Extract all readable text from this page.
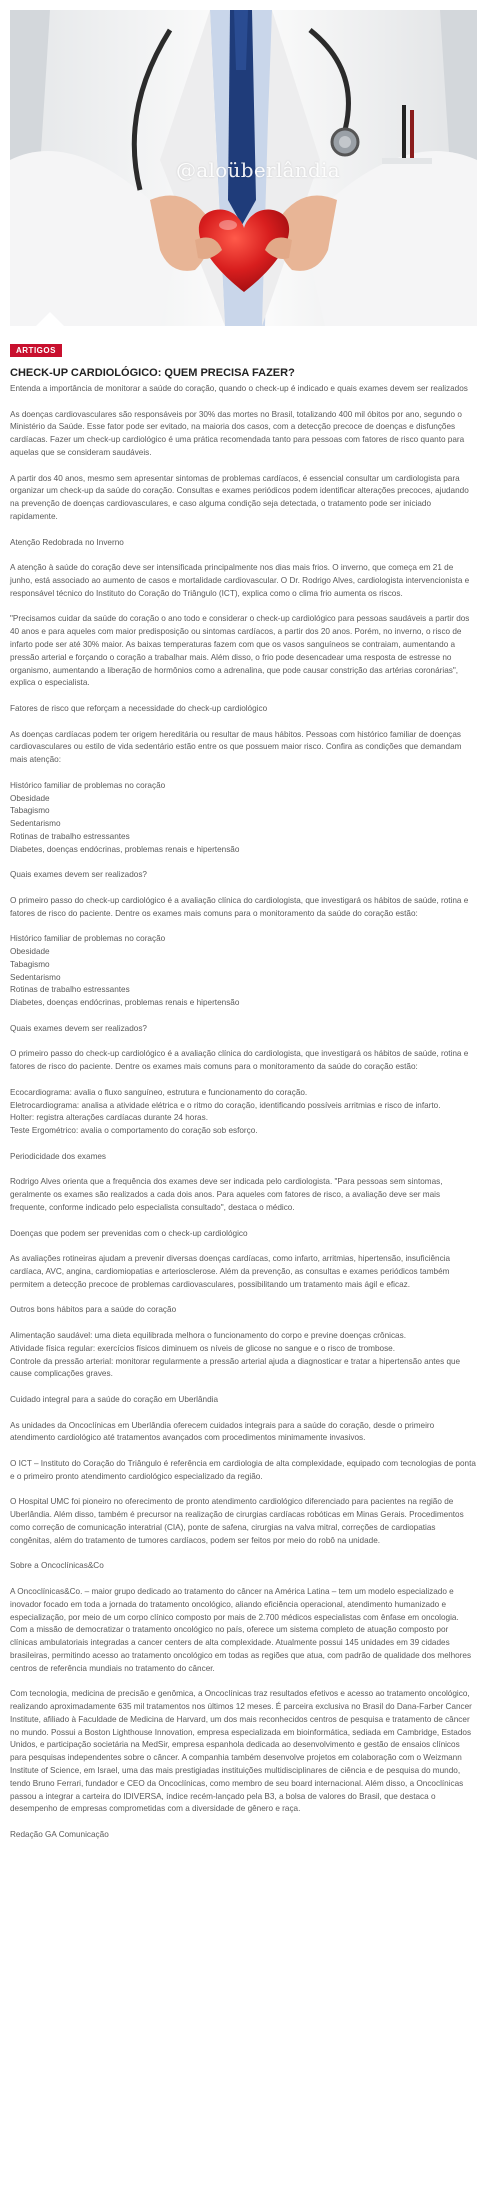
@aloüberlândia
ARTIGOS
CHECK-UP CARDIOLÓGICO: QUEM PRECISA FAZER?

Entenda a importância de monitorar a saúde do coração, quando o check-up é indicado e quais exames devem ser realizados

As doenças cardiovasculares são responsáveis por 30% das mortes no Brasil, totalizando 400 mil óbitos por ano, segundo o Ministério da Saúde. Esse fator pode ser evitado, na maioria dos casos, com a detecção precoce de doenças e disfunções cardíacas. Fazer um check-up cardiológico é uma prática recomendada tanto para pessoas com fatores de risco quanto para aquelas que se consideram saudáveis.

A partir dos 40 anos, mesmo sem apresentar sintomas de problemas cardíacos, é essencial consultar um cardiologista para organizar um check-up da saúde do coração. Consultas e exames periódicos podem identificar alterações precoces, ajudando na prevenção de doenças cardiovasculares, e caso alguma condição seja detectada, o tratamento pode ser iniciado rapidamente.

Atenção Redobrada no Inverno

A atenção à saúde do coração deve ser intensificada principalmente nos dias mais frios. O inverno, que começa em 21 de junho, está associado ao aumento de casos e mortalidade cardiovascular. O Dr. Rodrigo Alves, cardiologista intervencionista e responsável técnico do Instituto do Coração do Triângulo (ICT), explica como o clima frio aumenta os riscos.

"Precisamos cuidar da saúde do coração o ano todo e considerar o check-up cardiológico para pessoas saudáveis a partir dos 40 anos e para aqueles com maior predisposição ou sintomas cardíacos, a partir dos 20 anos. Porém, no inverno, o risco de infarto pode ser até 30% maior. As baixas temperaturas fazem com que os vasos sanguíneos se contraiam, aumentando a pressão arterial e forçando o coração a trabalhar mais. Além disso, o frio pode desencadear uma resposta de estresse no organismo, aumentando a liberação de hormônios como a adrenalina, que pode causar constrição das artérias coronárias", explica o especialista.

Fatores de risco que reforçam a necessidade do check-up cardiológico

As doenças cardíacas podem ter origem hereditária ou resultar de maus hábitos. Pessoas com histórico familiar de doenças cardiovasculares ou estilo de vida sedentário estão entre os que possuem maior risco. Confira as condições que demandam mais atenção:

Histórico familiar de problemas no coração

Obesidade

Tabagismo

Sedentarismo

Rotinas de trabalho estressantes

Diabetes, doenças endócrinas, problemas renais e hipertensão

Quais exames devem ser realizados?

O primeiro passo do check-up cardiológico é a avaliação clínica do cardiologista, que investigará os hábitos de saúde, rotina e fatores de risco do paciente. Dentre os exames mais comuns para o monitoramento da saúde do coração estão:

Histórico familiar de problemas no coração

Obesidade

Tabagismo

Sedentarismo

Rotinas de trabalho estressantes

Diabetes, doenças endócrinas, problemas renais e hipertensão

Quais exames devem ser realizados?

O primeiro passo do check-up cardiológico é a avaliação clínica do cardiologista, que investigará os hábitos de saúde, rotina e fatores de risco do paciente. Dentre os exames mais comuns para o monitoramento da saúde do coração estão:

Ecocardiograma: avalia o fluxo sanguíneo, estrutura e funcionamento do coração.

Eletrocardiograma: analisa a atividade elétrica e o ritmo do coração, identificando possíveis arritmias e risco de infarto.

Holter: registra alterações cardíacas durante 24 horas.

Teste Ergométrico: avalia o comportamento do coração sob esforço.

Periodicidade dos exames

Rodrigo Alves orienta que a frequência dos exames deve ser indicada pelo cardiologista. "Para pessoas sem sintomas, geralmente os exames são realizados a cada dois anos. Para aqueles com fatores de risco, a avaliação deve ser mais frequente, conforme indicado pelo especialista consultado", destaca o médico.

Doenças que podem ser prevenidas com o check-up cardiológico

As avaliações rotineiras ajudam a prevenir diversas doenças cardíacas, como infarto, arritmias, hipertensão, insuficiência cardíaca, AVC, angina, cardiomiopatias e arteriosclerose. Além da prevenção, as consultas e exames periódicos também permitem a detecção precoce de problemas cardiovasculares, possibilitando um tratamento mais ágil e eficaz.

Outros bons hábitos para a saúde do coração

Alimentação saudável: uma dieta equilibrada melhora o funcionamento do corpo e previne doenças crônicas.

Atividade física regular: exercícios físicos diminuem os níveis de glicose no sangue e o risco de trombose.

Controle da pressão arterial: monitorar regularmente a pressão arterial ajuda a diagnosticar e tratar a hipertensão antes que cause complicações graves.

Cuidado integral para a saúde do coração em Uberlândia

As unidades da Oncoclínicas em Uberlândia oferecem cuidados integrais para a saúde do coração, desde o primeiro atendimento cardiológico até tratamentos avançados com procedimentos minimamente invasivos.

O ICT – Instituto do Coração do Triângulo é referência em cardiologia de alta complexidade, equipado com tecnologias de ponta e o primeiro pronto atendimento cardiológico especializado da região.

O Hospital UMC foi pioneiro no oferecimento de pronto atendimento cardiológico diferenciado para pacientes na região de Uberlândia. Além disso, também é precursor na realização de cirurgias cardíacas robóticas em Minas Gerais. Procedimentos como correção de comunicação interatrial (CIA), ponte de safena, cirurgias na valva mitral, correções de cardiopatias congênitas, além do tratamento de tumores cardíacos, podem ser feitos por meio do robô na unidade.

Sobre a Oncoclínicas&Co

A Oncoclínicas&Co. – maior grupo dedicado ao tratamento do câncer na América Latina – tem um modelo especializado e inovador focado em toda a jornada do tratamento oncológico, aliando eficiência operacional, atendimento humanizado e especialização, por meio de um corpo clínico composto por mais de 2.700 médicos especialistas com ênfase em oncologia. Com a missão de democratizar o tratamento oncológico no país, oferece um sistema completo de atuação composto por clínicas ambulatoriais integradas a cancer centers de alta complexidade. Atualmente possui 145 unidades em 39 cidades brasileiras, permitindo acesso ao tratamento oncológico em todas as regiões que atua, com padrão de qualidade dos melhores centros de referência mundiais no tratamento do câncer.

Com tecnologia, medicina de precisão e genômica, a Oncoclínicas traz resultados efetivos e acesso ao tratamento oncológico, realizando aproximadamente 635 mil tratamentos nos últimos 12 meses. É parceira exclusiva no Brasil do Dana-Farber Cancer Institute, afiliado à Faculdade de Medicina de Harvard, um dos mais reconhecidos centros de pesquisa e tratamento de câncer no mundo. Possui a Boston Lighthouse Innovation, empresa especializada em bioinformática, sediada em Cambridge, Estados Unidos, e participação societária na MedSir, empresa espanhola dedicada ao desenvolvimento e gestão de ensaios clínicos para pesquisas independentes sobre o câncer. A companhia também desenvolve projetos em colaboração com o Weizmann Institute of Science, em Israel, uma das mais prestigiadas instituições multidisciplinares de ciência e de pesquisa do mundo, tendo Bruno Ferrari, fundador e CEO da Oncoclínicas, como membro de seu board internacional. Além disso, a Oncoclínicas passou a integrar a carteira do IDIVERSA, índice recém-lançado pela B3, a bolsa de valores do Brasil, que destaca o desempenho de empresas comprometidas com a diversidade de gênero e raça.

Redação GA Comunicação
